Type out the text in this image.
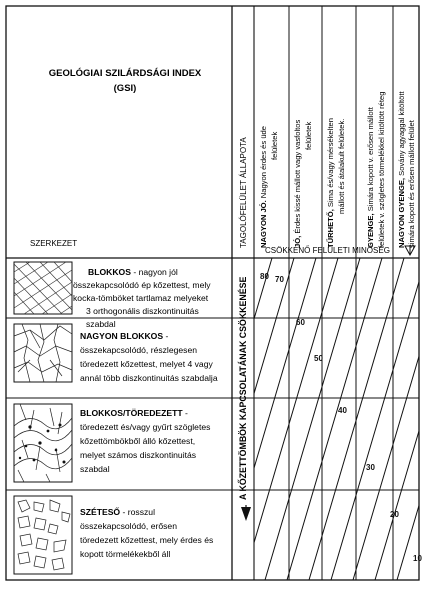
GEOLÓGIAI SZILÁRDSÁGI INDEX
(GSI)
SZERKEZET	TAGOLÓFELÜLET ÁLLAPOTA NAGYON JÓ. Nagyon érdes és üde felületek
JÓ, Érdes kissé mállott vagy vasfoltos felületek
TŰRHETŐ, Sima és/vagy mérsékelten mállott és átalakult felületek.
GYENGE, Simára kopott v. erősen mállott felületek v. szögletes törmelékkel kitöltött réteg NAGYON GYENGE, Sovány agyaggal kitöltött simára kopott és erősen mállott felület
CSÖKKENŐ FELÜLETI MINŐSÉG
A KŐZETTÖMBÖK KAPCSOLATÁNAK CSÖKKENÉSE
BLOKKOS - nagyon jól
összekapcsolódó ép kőzettest, mely
kocka-tömböket tartlamaz melyeket
3 orthogonális diszkontinuitás
szabdal
NAGYON BLOKKOS -
összekapcsolódó, részlegesen
töredezett kőzettest, melyet 4 vagy
annál több diszkontinuitás szabdalja
BLOKKOS/TÖREDEZETT -
töredezett és/vagy gyűrt szögletes
kőzettömbökből álló kőzettest,
melyet számos diszkontinuitás
szabdal
SZÉTESŐ - rosszul
összekapcsolódó, erősen
töredezett kőzettest, mely érdes és
kopott törmelékekből áll
80 70
60
50
40
30
20
10
